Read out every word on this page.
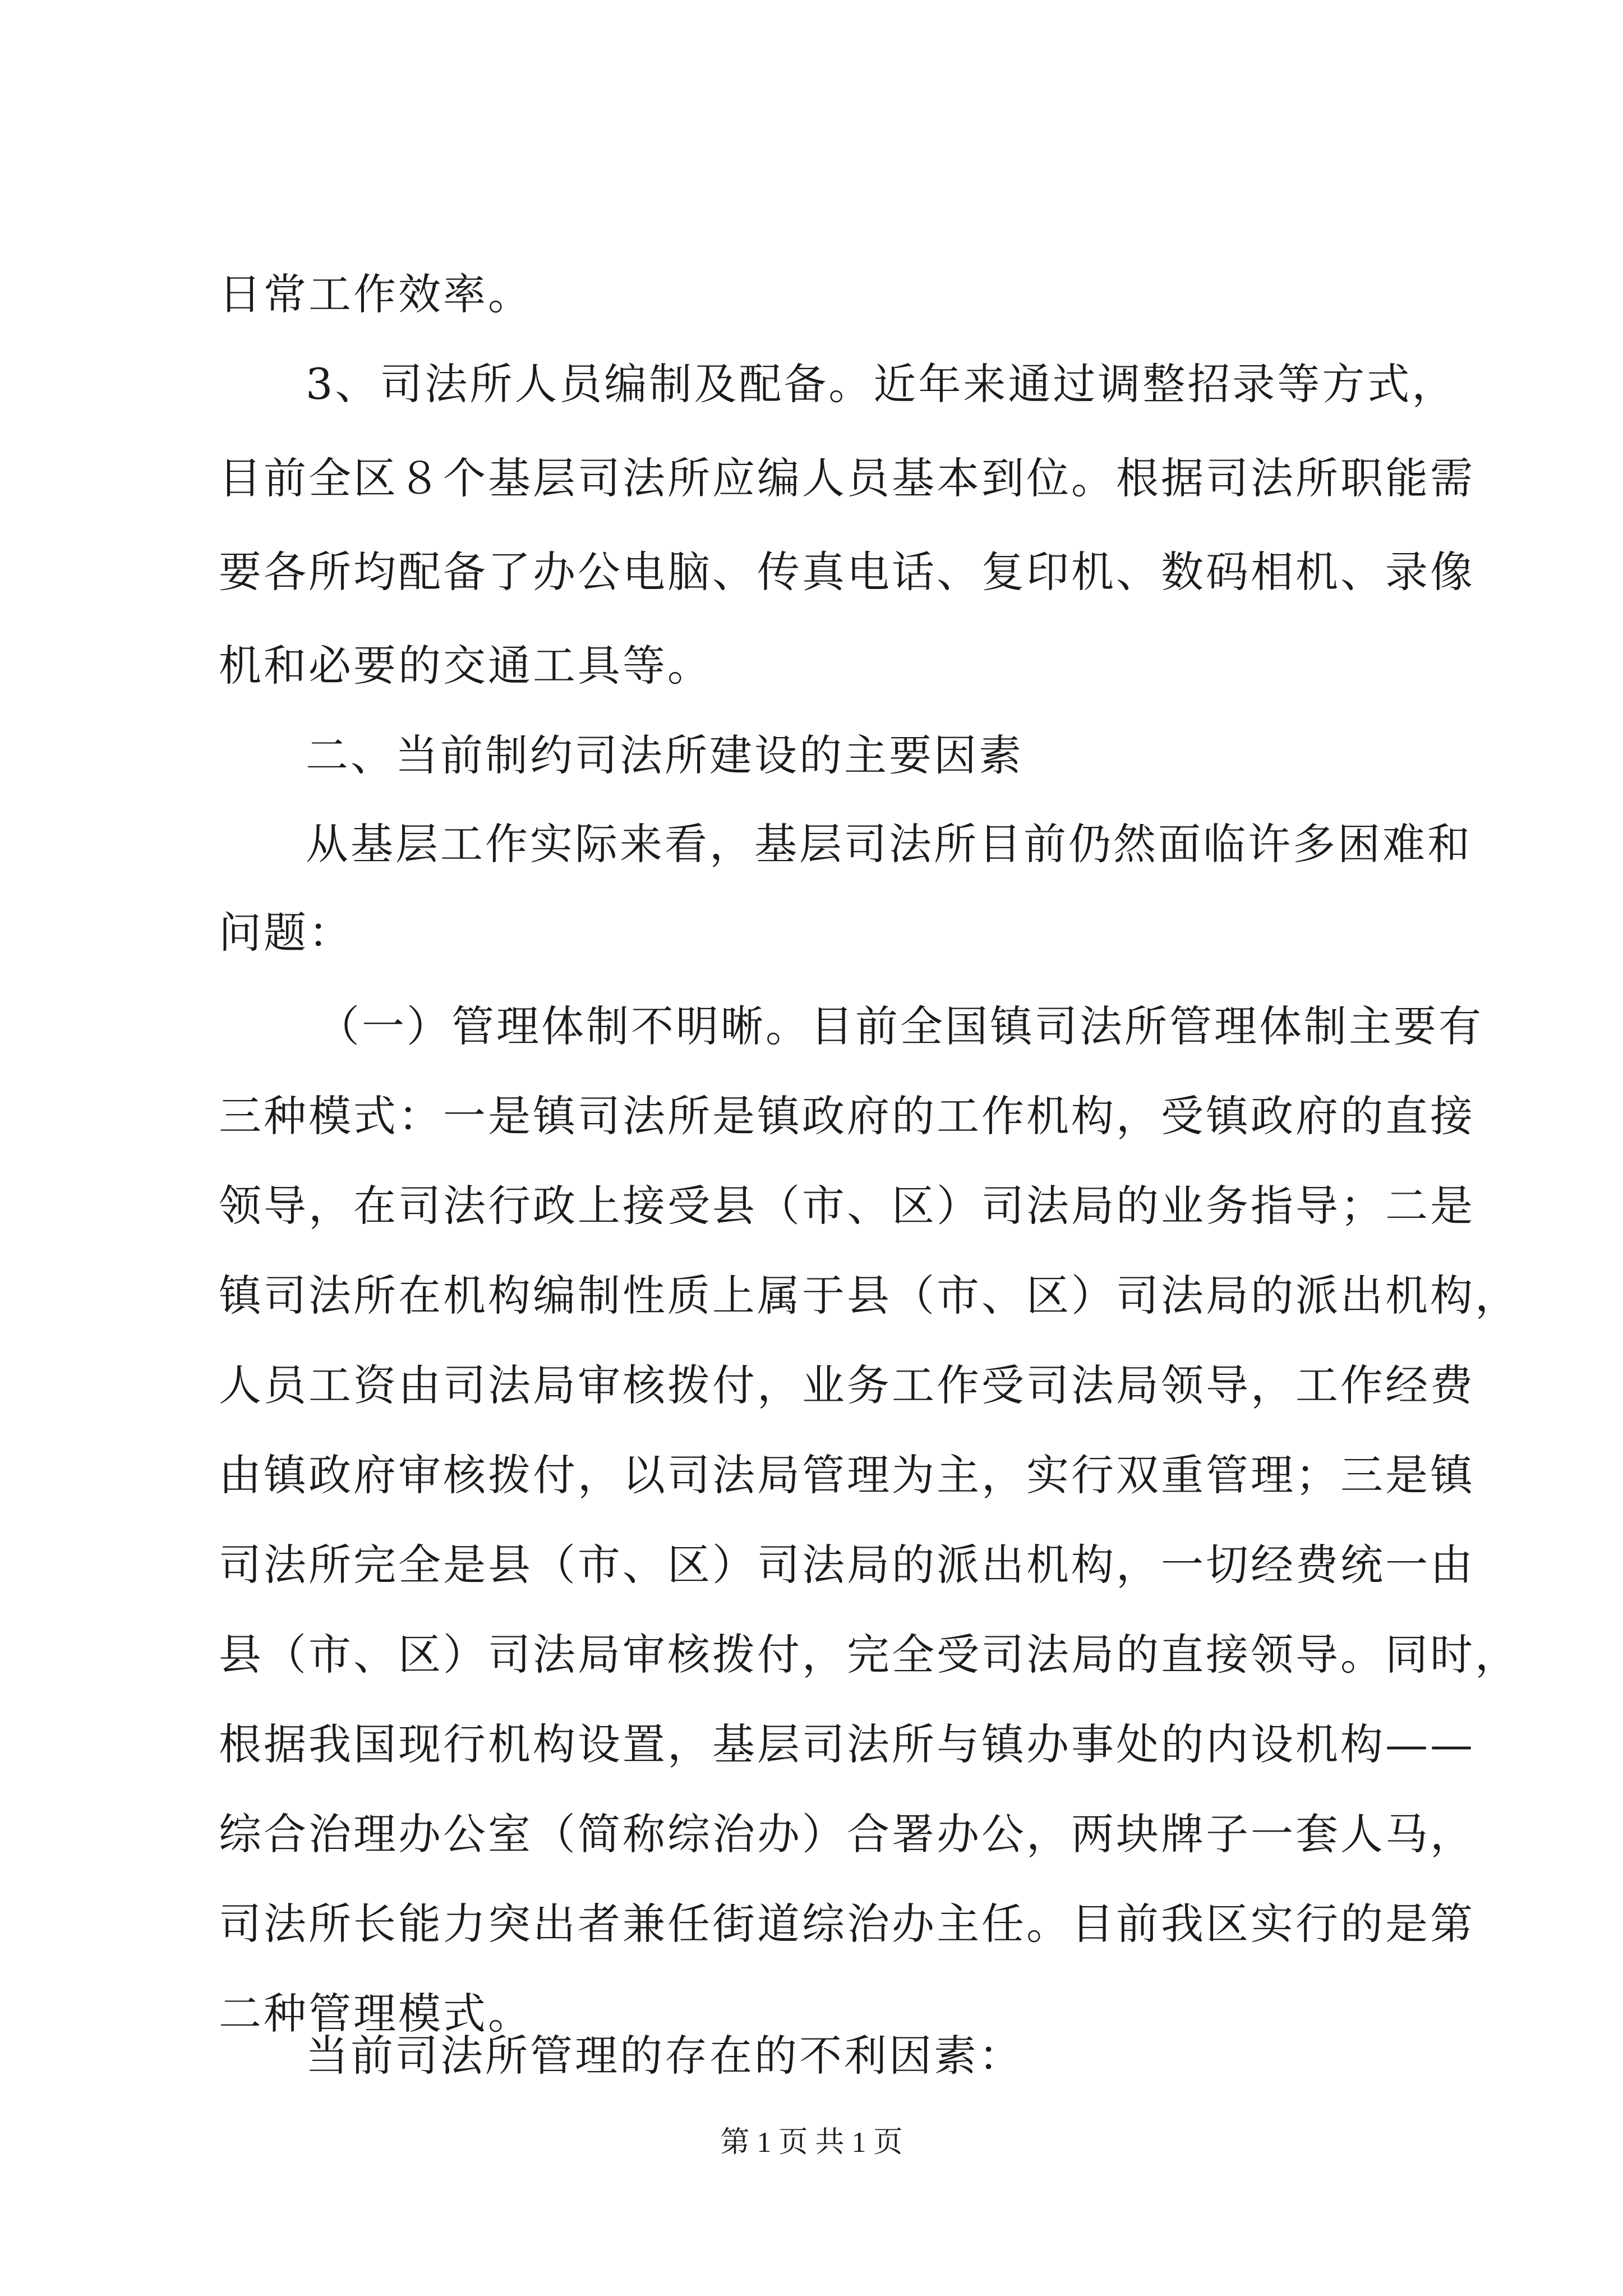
日常工作效率。
3、司法所人员编制及配备。近年来通过调整招录等方式，
目前全区８个基层司法所应编人员基本到位。根据司法所职能需
要各所均配备了办公电脑、传真电话、复印机、数码相机、录像
机和必要的交通工具等。
二、当前制约司法所建设的主要因素
从基层工作实际来看，基层司法所目前仍然面临许多困难和
问题：
（一）管理体制不明晰。目前全国镇司法所管理体制主要有
三种模式：一是镇司法所是镇政府的工作机构，受镇政府的直接
领导，在司法行政上接受县（市、区）司法局的业务指导；二是
镇司法所在机构编制性质上属于县（市、区）司法局的派出机构，
人员工资由司法局审核拨付，业务工作受司法局领导，工作经费
由镇政府审核拨付，以司法局管理为主，实行双重管理；三是镇
司法所完全是县（市、区）司法局的派出机构，一切经费统一由
县（市、区）司法局审核拨付，完全受司法局的直接领导。同时，
根据我国现行机构设置，基层司法所与镇办事处的内设机构——
综合治理办公室（简称综治办）合署办公，两块牌子一套人马，
司法所长能力突出者兼任街道综治办主任。目前我区实行的是第
二种管理模式。
当前司法所管理的存在的不利因素：
第 1 页 共 1 页
